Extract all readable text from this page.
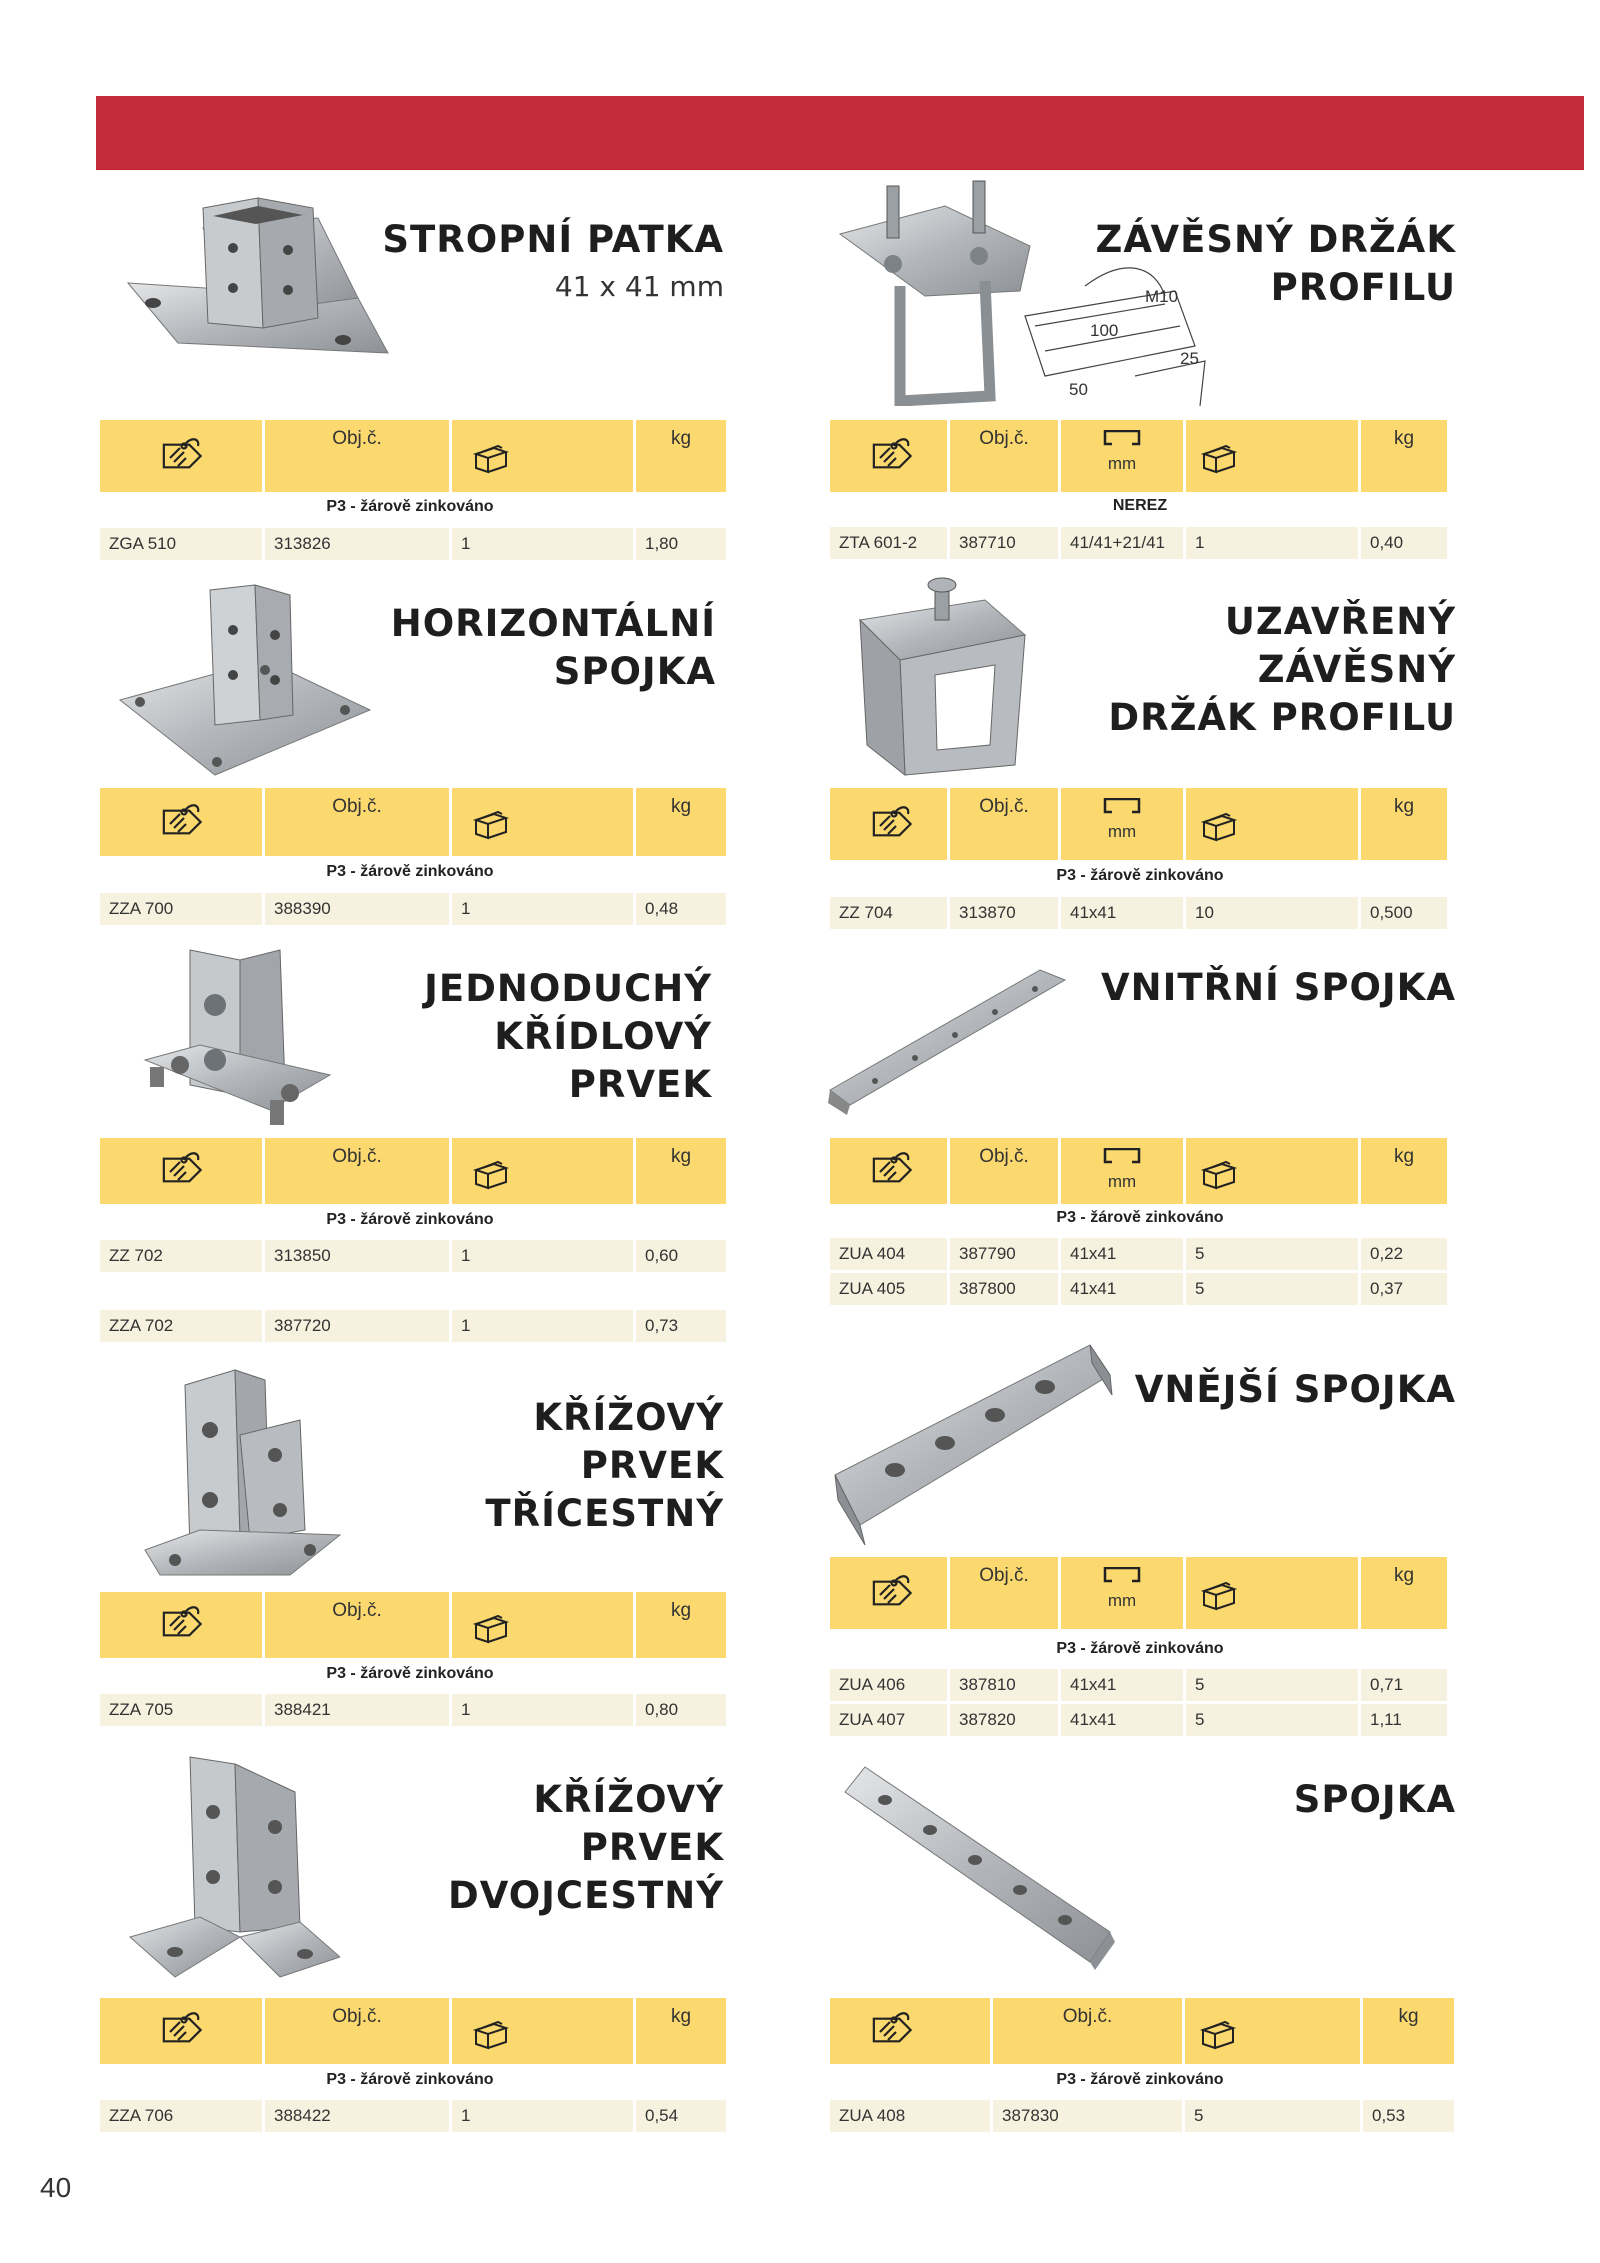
STROPNÍ PATKA
41 x 41 mm
Obj.č.	kg
P3 - žárově zinkováno
ZGA 510	313826	1	1,80
ZÁVĚSNÝ DRŽÁK
PROFILU
M10
100
25
50
Obj.č.
mm
kg
NEREZ
ZTA 601-2	387710	41/41+21/41	1	0,40
HORIZONTÁLNÍ
SPOJKA
Obj.č.	kg
P3 - žárově zinkováno
ZZA 700	388390	1	0,48
UZAVŘENÝ ZÁVĚSNÝ
DRŽÁK PROFILU
Obj.č.
mm
kg
P3 - žárově zinkováno
ZZ 704	313870	41x41	10	0,500
JEDNODUCHÝ
KŘÍDLOVÝ PRVEK
Obj.č.	kg
P3 - žárově zinkováno
ZZ 702	313850	1	0,60
ZZA 702	387720	1	0,73
VNITŘNÍ SPOJKA
Obj.č.
mm
kg
P3 - žárově zinkováno
ZUA 404	387790	41x41	5	0,22
ZUA 405	387800	41x41	5	0,37
KŘÍŽOVÝ PRVEK
TŘÍCESTNÝ
Obj.č.	kg
P3 - žárově zinkováno
ZZA 705	388421	1	0,80
VNĚJŠÍ SPOJKA
Obj.č.
mm
kg
P3 - žárově zinkováno
ZUA 406	387810	41x41	5	0,71
ZUA 407	387820	41x41	5	1,11
KŘÍŽOVÝ PRVEK
DVOJCESTNÝ
Obj.č.	kg
P3 - žárově zinkováno
ZZA 706	388422	1	0,54
SPOJKA
Obj.č.	kg
P3 - žárově zinkováno
ZUA 408	387830	5	0,53
40
